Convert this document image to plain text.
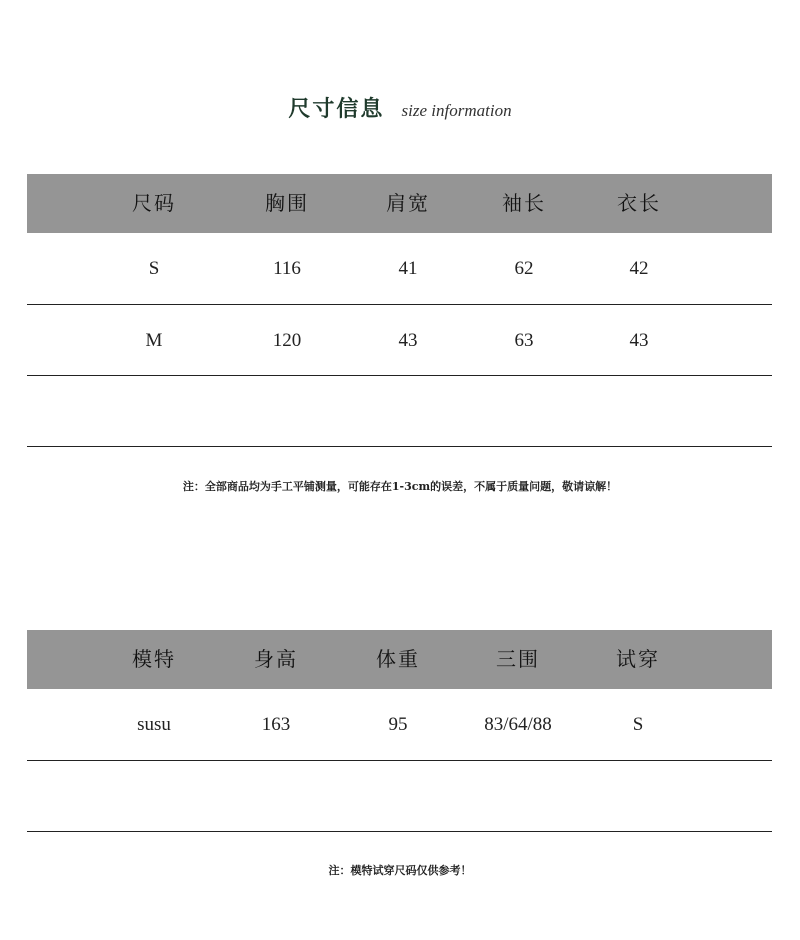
尺寸信息 size information
尺码	胸围	肩宽	袖长	衣长
S	116	41	62	42
M	120	43	63	43
注：全部商品均为手工平铺测量，可能存在1-3cm的误差，不属于质量问题，敬请谅解！
模特	身高	体重	三围	试穿
susu	163	95	83/64/88	S
注：模特试穿尺码仅供参考！
